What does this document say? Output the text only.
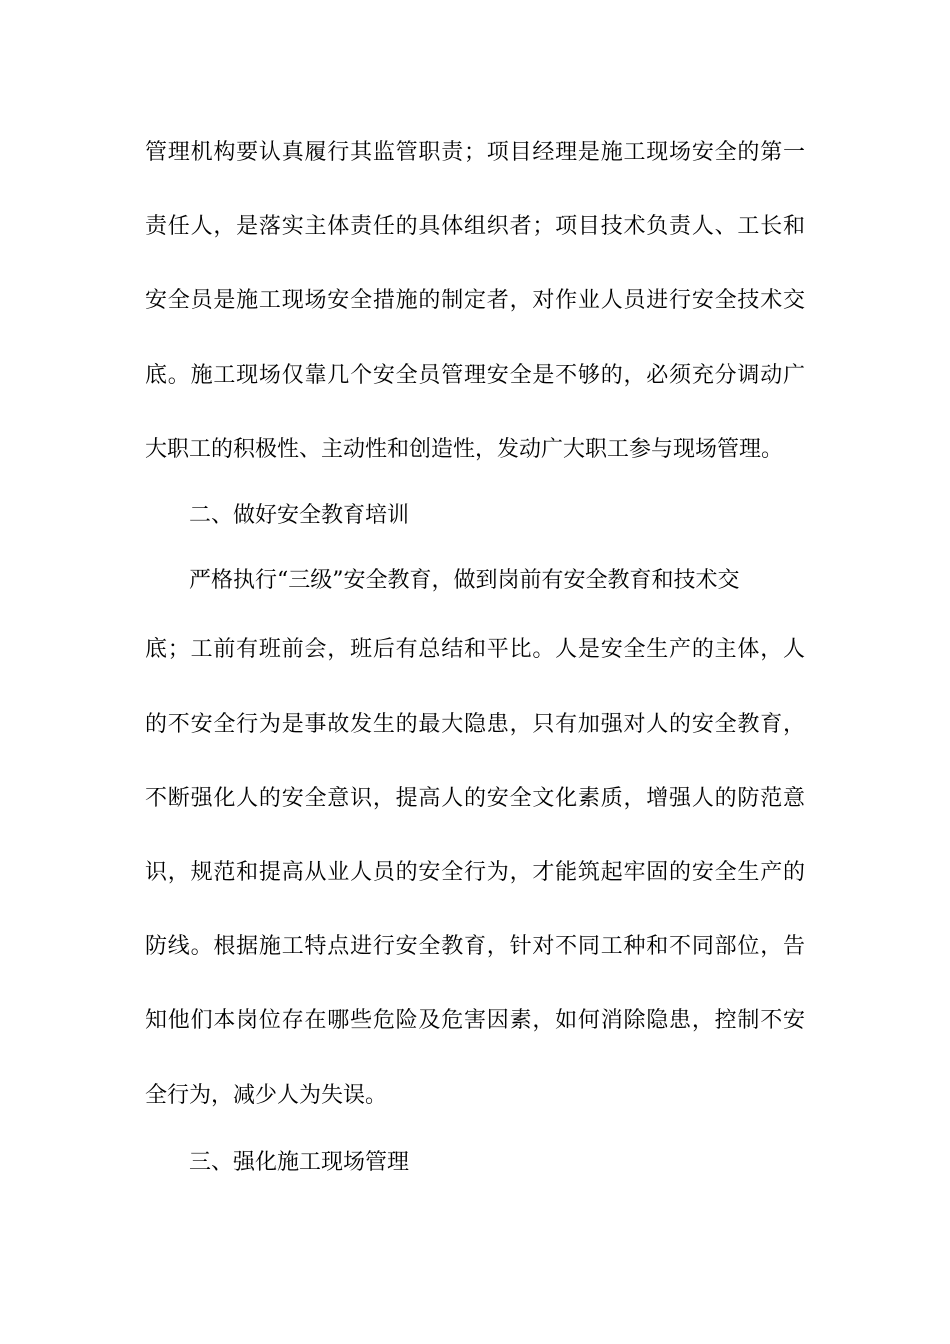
管理机构要认真履行其监管职责；项目经理是施工现场安全的第一
责任人，是落实主体责任的具体组织者；项目技术负责人、工长和
安全员是施工现场安全措施的制定者，对作业人员进行安全技术交
底。施工现场仅靠几个安全员管理安全是不够的，必须充分调动广
大职工的积极性、主动性和创造性，发动广大职工参与现场管理。
二、做好安全教育培训
严格执行“三级”安全教育，做到岗前有安全教育和技术交
底；工前有班前会，班后有总结和平比。人是安全生产的主体，人
的不安全行为是事故发生的最大隐患，只有加强对人的安全教育，
不断强化人的安全意识，提高人的安全文化素质，增强人的防范意
识，规范和提高从业人员的安全行为，才能筑起牢固的安全生产的
防线。根据施工特点进行安全教育，针对不同工种和不同部位，告
知他们本岗位存在哪些危险及危害因素，如何消除隐患，控制不安
全行为，减少人为失误。
三、强化施工现场管理
